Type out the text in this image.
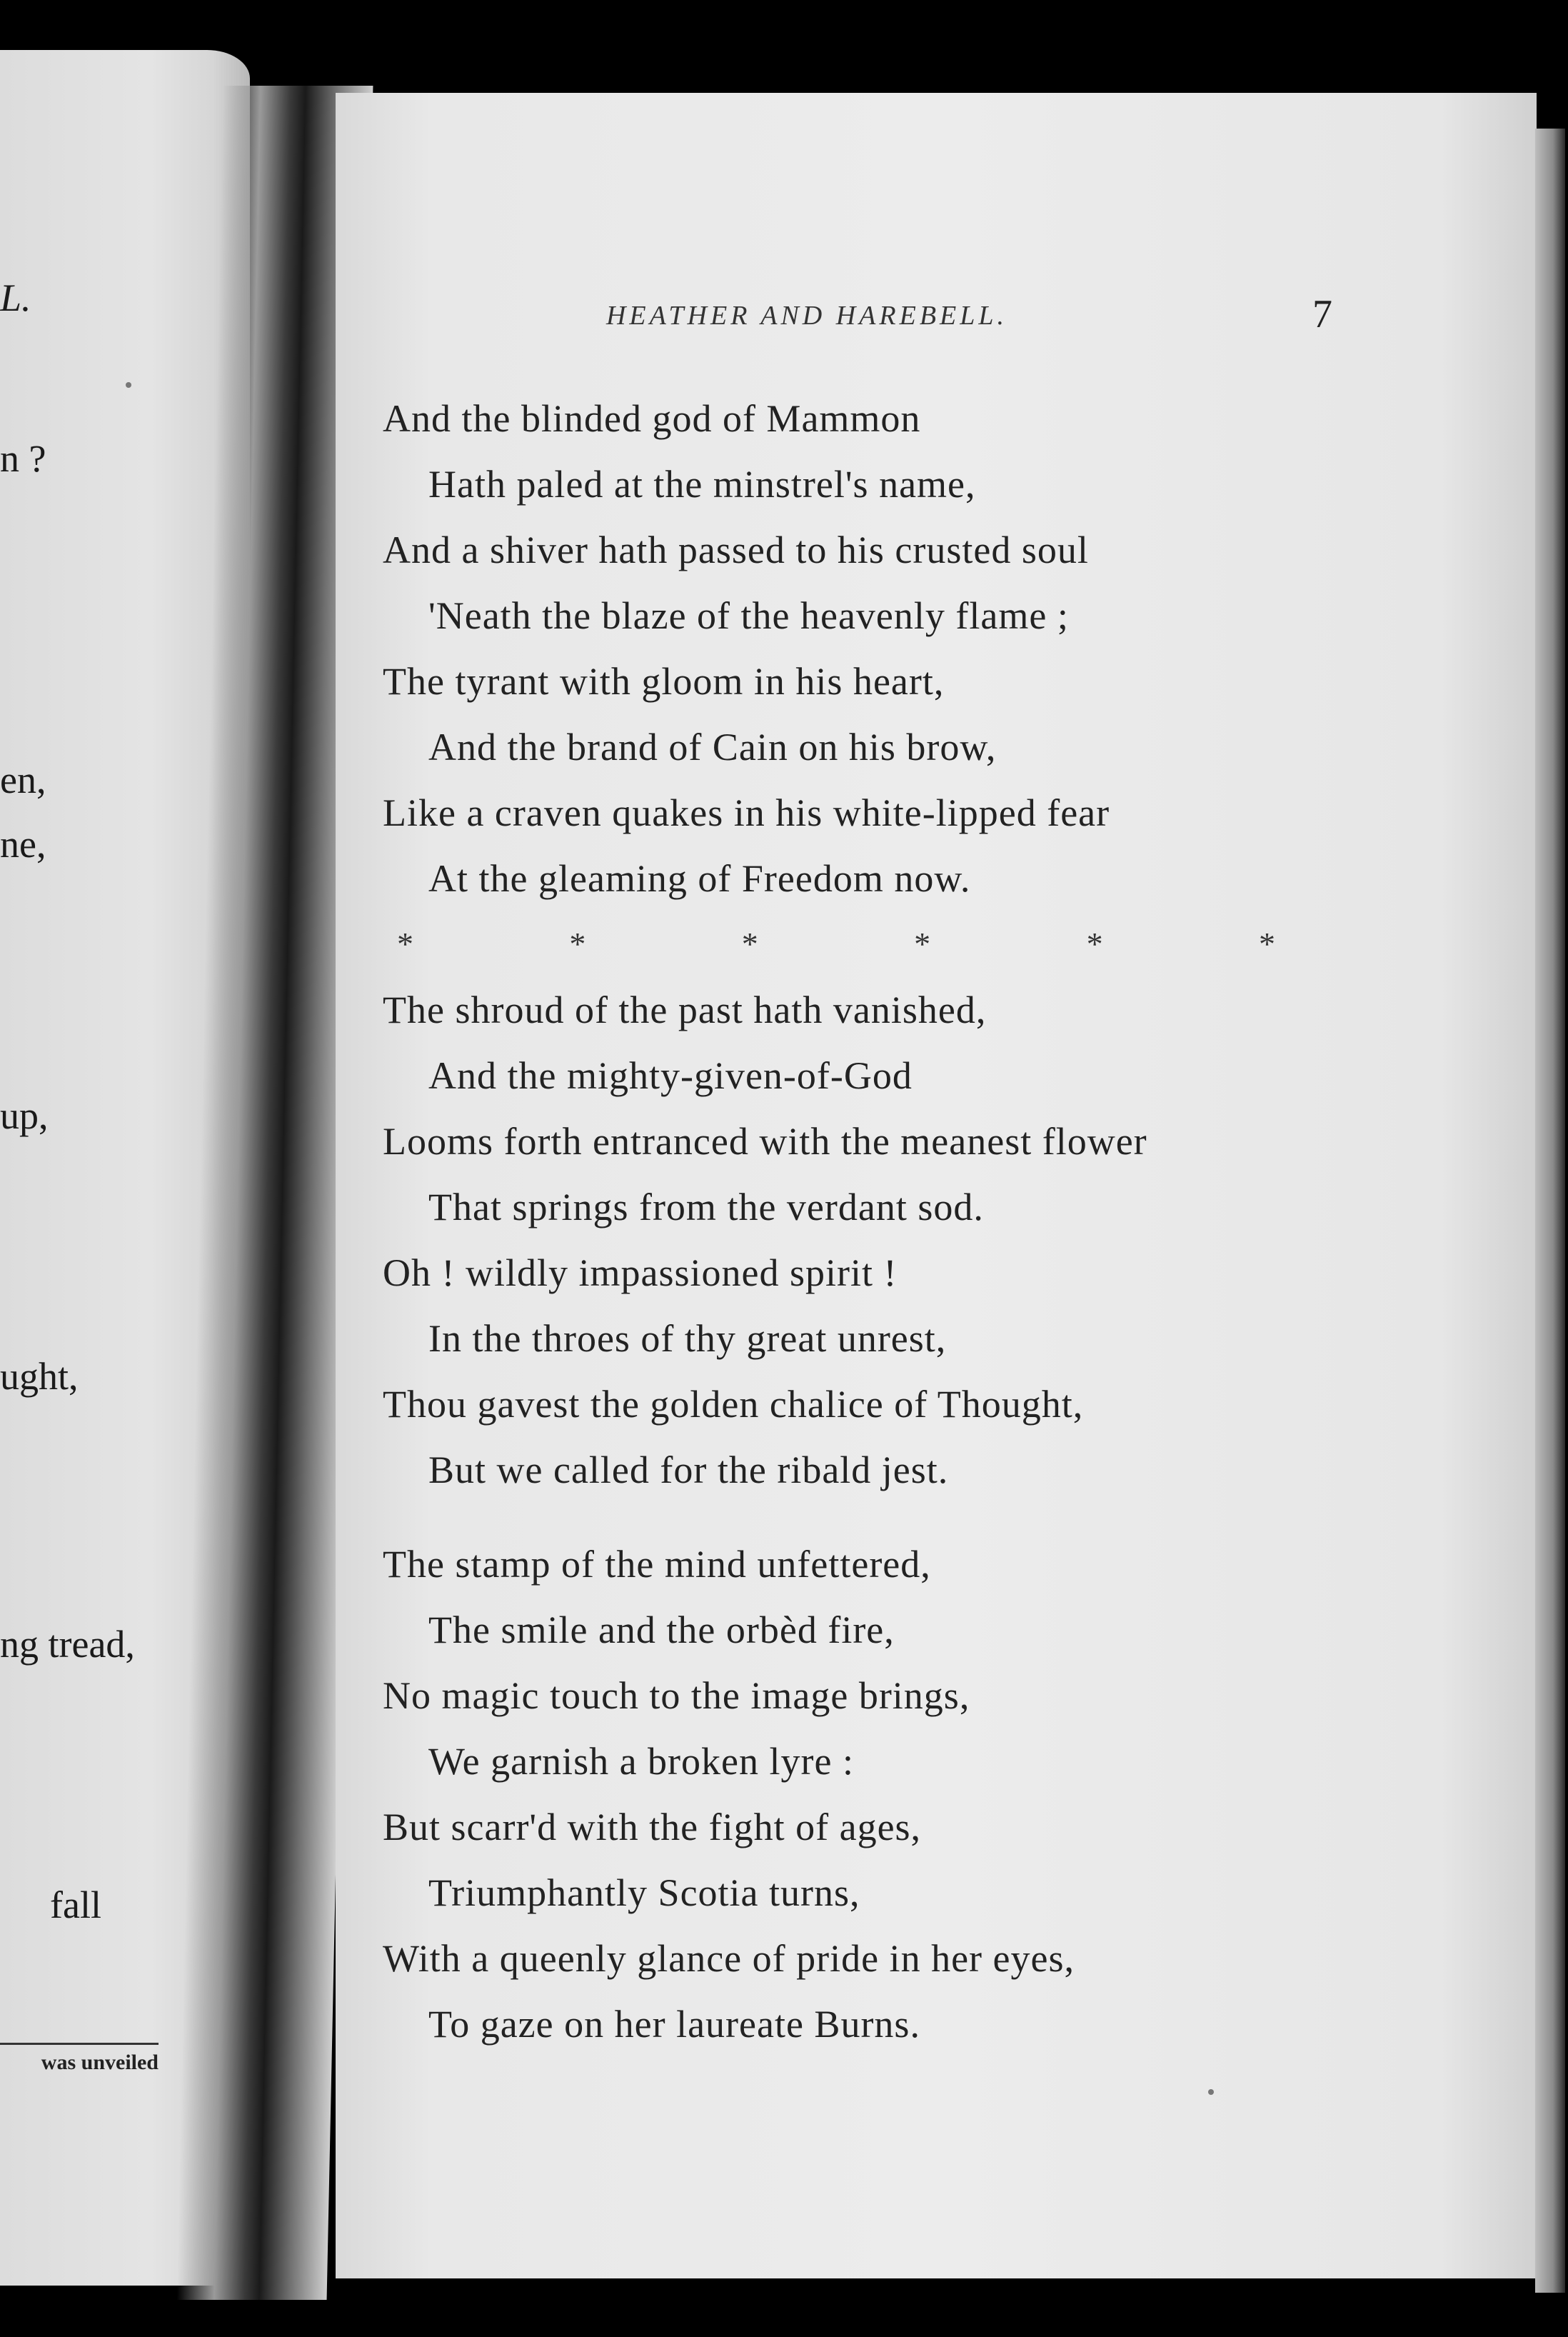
L.
n ?
en,
ne,
up,
ught,
ng tread,
fall
was unveiled
HEATHER AND HAREBELL.	7
And the blinded god of Mammon
Hath paled at the minstrel's name,
And a shiver hath passed to his crusted soul
'Neath the blaze of the heavenly flame ;
The tyrant with gloom in his heart,
And the brand of Cain on his brow,
Like a craven quakes in his white-lipped fear
At the gleaming of Freedom now.
*	*	*	*	*	*
The shroud of the past hath vanished,
And the mighty-given-of-God
Looms forth entranced with the meanest flower
That springs from the verdant sod.
Oh ! wildly impassioned spirit !
In the throes of thy great unrest,
Thou gavest the golden chalice of Thought,
But we called for the ribald jest.
The stamp of the mind unfettered,
The smile and the orbèd fire,
No magic touch to the image brings,
We garnish a broken lyre :
But scarr'd with the fight of ages,
Triumphantly Scotia turns,
With a queenly glance of pride in her eyes,
To gaze on her laureate Burns.
